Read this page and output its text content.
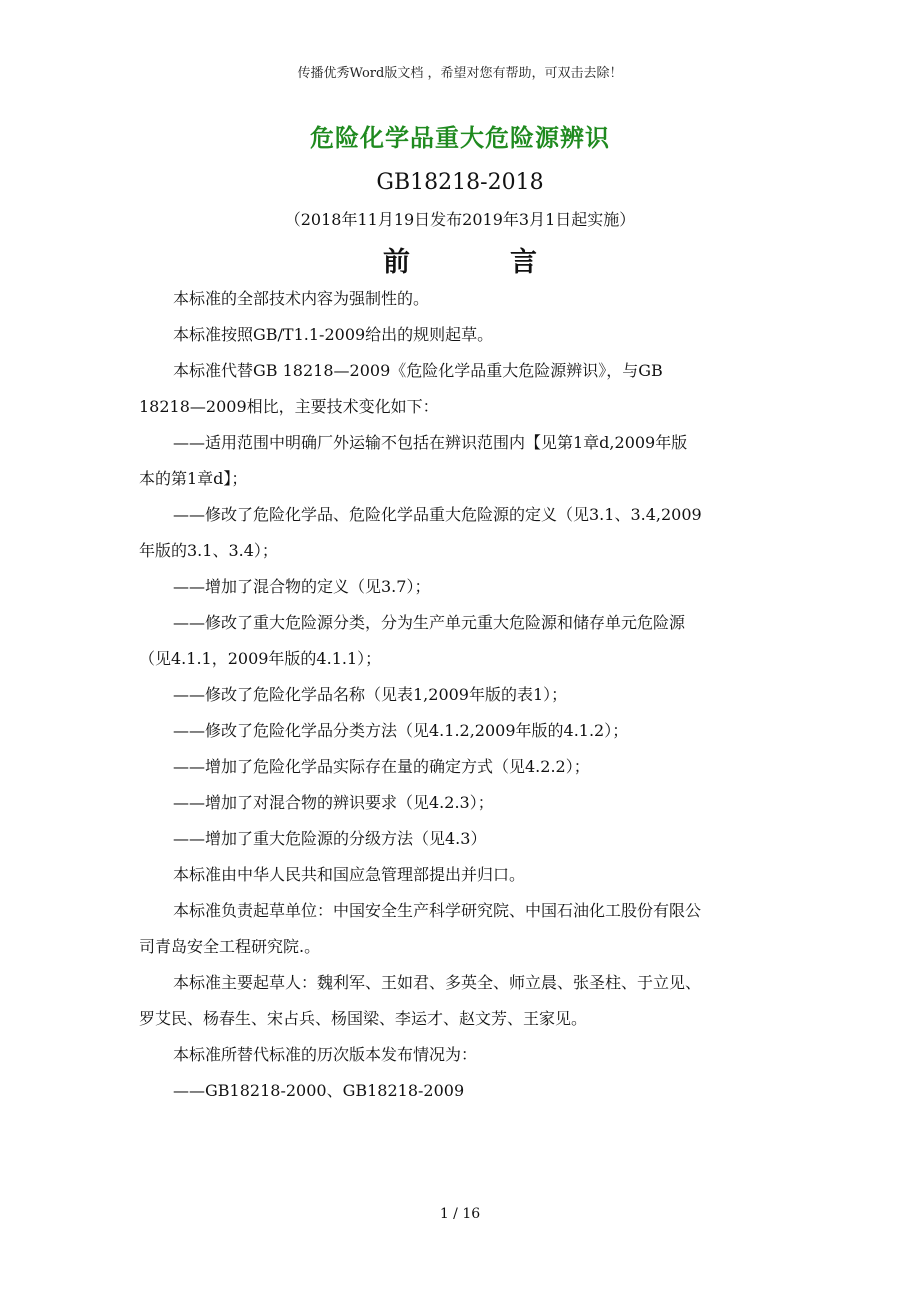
传播优秀Word版文档 ，希望对您有帮助，可双击去除！
危险化学品重大危险源辨识
GB18218-2018
（2018年11月19日发布2019年3月1日起实施）
前	言
本标准的全部技术内容为强制性的。
本标准按照GB/T1.1-2009给出的规则起草。
本标准代替GB 18218—2009《危险化学品重大危险源辨识》，与GB
18218—2009相比，主要技术变化如下：
——适用范围中明确厂外运输不包括在辨识范围内【见第1章d,2009年版
本的第1章d】；
——修改了危险化学品、危险化学品重大危险源的定义（见3.1、3.4,2009
年版的3.1、3.4）；
——增加了混合物的定义（见3.7）；
——修改了重大危险源分类，分为生产单元重大危险源和储存单元危险源
（见4.1.1，2009年版的4.1.1）；
——修改了危险化学品名称（见表1,2009年版的表1）；
——修改了危险化学品分类方法（见4.1.2,2009年版的4.1.2）；
——增加了危险化学品实际存在量的确定方式（见4.2.2）；
——增加了对混合物的辨识要求（见4.2.3）；
——增加了重大危险源的分级方法（见4.3）
本标准由中华人民共和国应急管理部提出并归口。
本标准负责起草单位：中国安全生产科学研究院、中国石油化工股份有限公
司青岛安全工程研究院.。
本标准主要起草人：魏利军、王如君、多英全、师立晨、张圣柱、于立见、
罗艾民、杨春生、宋占兵、杨国梁、李运才、赵文芳、王家见。
本标准所替代标准的历次版本发布情况为：
——GB18218-2000、GB18218-2009
1 / 16
